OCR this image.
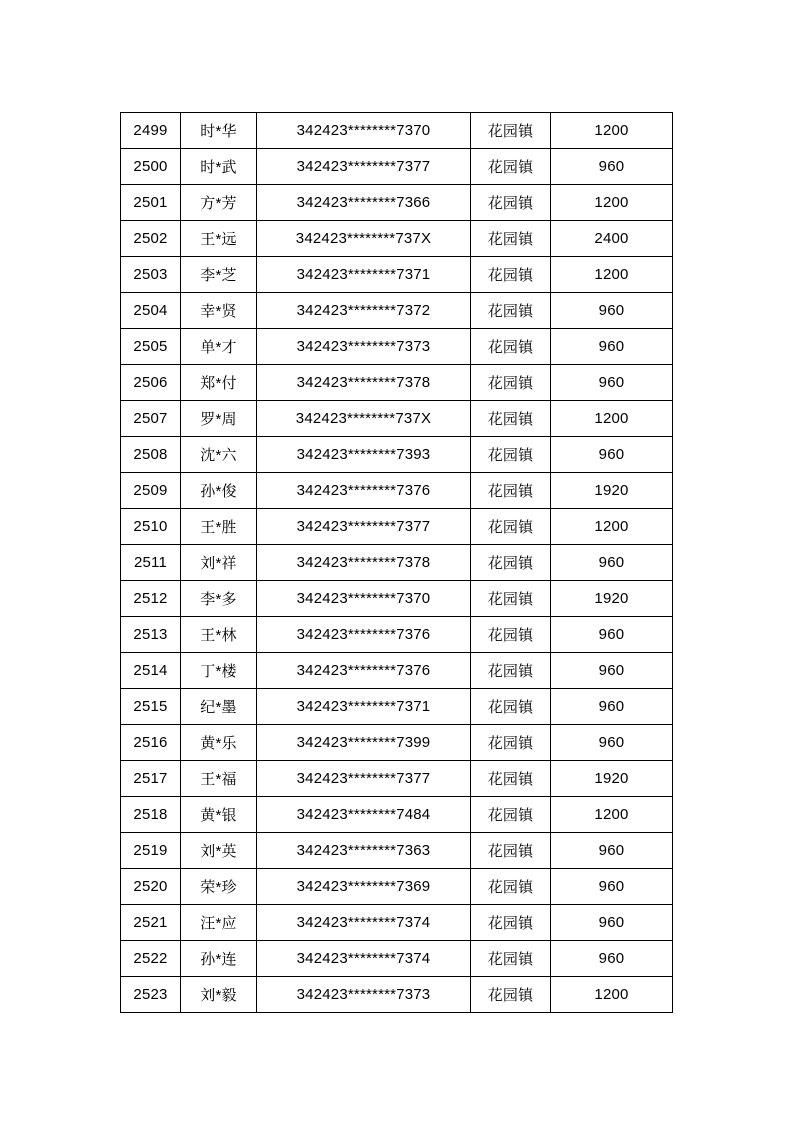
2499	时*华	342423********7370	花园镇	1200
2500	时*武	342423********7377	花园镇	960
2501	方*芳	342423********7366	花园镇	1200
2502	王*远	342423********737X	花园镇	2400
2503	李*芝	342423********7371	花园镇	1200
2504	幸*贤	342423********7372	花园镇	960
2505	单*才	342423********7373	花园镇	960
2506	郑*付	342423********7378	花园镇	960
2507	罗*周	342423********737X	花园镇	1200
2508	沈*六	342423********7393	花园镇	960
2509	孙*俊	342423********7376	花园镇	1920
2510	王*胜	342423********7377	花园镇	1200
2511	刘*祥	342423********7378	花园镇	960
2512	李*多	342423********7370	花园镇	1920
2513	王*林	342423********7376	花园镇	960
2514	丁*楼	342423********7376	花园镇	960
2515	纪*墨	342423********7371	花园镇	960
2516	黄*乐	342423********7399	花园镇	960
2517	王*福	342423********7377	花园镇	1920
2518	黄*银	342423********7484	花园镇	1200
2519	刘*英	342423********7363	花园镇	960
2520	荣*珍	342423********7369	花园镇	960
2521	汪*应	342423********7374	花园镇	960
2522	孙*连	342423********7374	花园镇	960
2523	刘*毅	342423********7373	花园镇	1200
